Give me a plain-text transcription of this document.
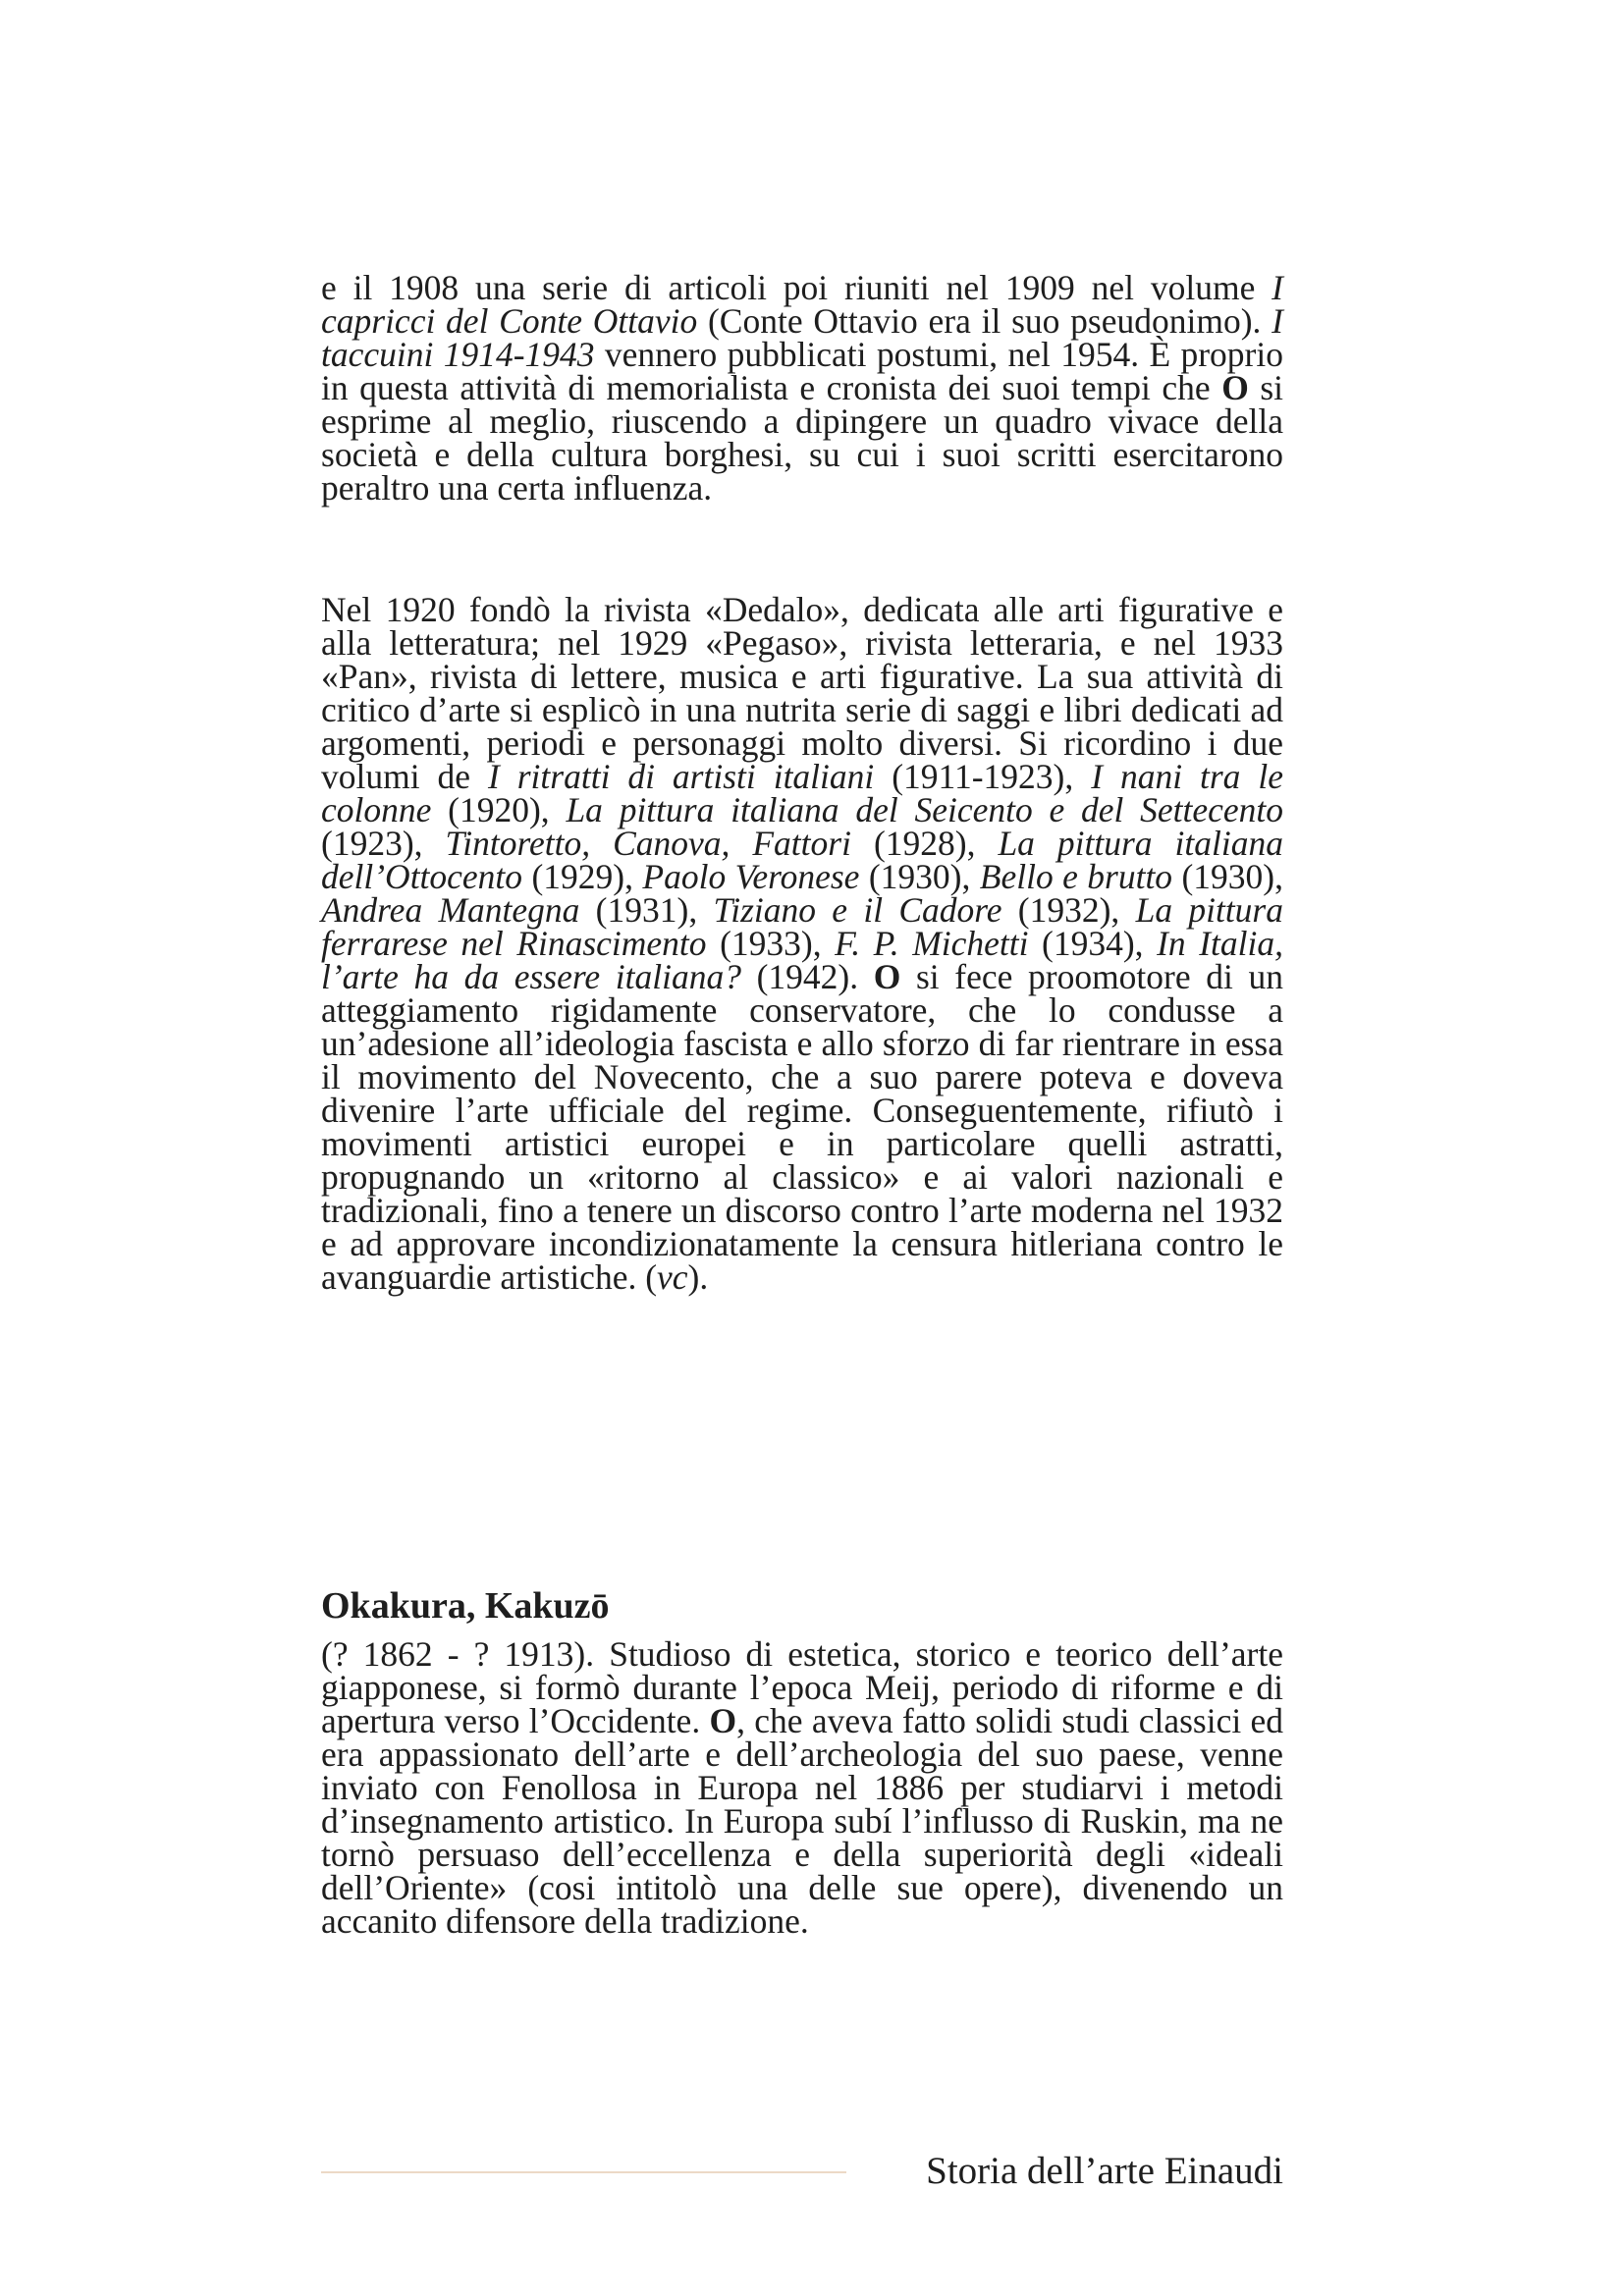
e il 1908 una serie di articoli poi riuniti nel 1909 nel volume I capricci del Conte Ottavio (Conte Ottavio era il suo pseudonimo). I taccuini 1914-1943 vennero pubblicati postumi, nel 1954. È proprio in questa attività di memorialista e cronista dei suoi tempi che O si esprime al meglio, riuscendo a dipingere un quadro vivace della società e della cultura borghesi, su cui i suoi scritti esercitarono peraltro una certa influenza.

Nel 1920 fondò la rivista «Dedalo», dedicata alle arti figurative e alla letteratura; nel 1929 «Pegaso», rivista letteraria, e nel 1933 «Pan», rivista di lettere, musica e arti figurative. La sua attività di critico d’arte si esplicò in una nutrita serie di saggi e libri dedicati ad argomenti, periodi e personaggi molto diversi. Si ricordino i due volumi de I ritratti di artisti italiani (1911-1923), I nani tra le colonne (1920), La pittura italiana del Seicento e del Settecento (1923), Tintoretto, Canova, Fattori (1928), La pittura italiana dell’Ottocento (1929), Paolo Veronese (1930), Bello e brutto (1930), Andrea Mantegna (1931), Tiziano e il Cadore (1932), La pittura ferrarese nel Rinascimento (1933), F. P. Michetti (1934), In Italia, l’arte ha da essere italiana? (1942). O si fece proomotore di un atteggiamento rigidamente conservatore, che lo condusse a un’adesione all’ideologia fascista e allo sforzo di far rientrare in essa il movimento del Novecento, che a suo parere poteva e doveva divenire l’arte ufficiale del regime. Conseguentemente, rifiutò i movimenti artistici europei e in particolare quelli astratti, propugnando un «ritorno al classico» e ai valori nazionali e tradizionali, fino a tenere un discorso contro l’arte moderna nel 1932 e ad approvare incondizionatamente la censura hitleriana contro le avanguardie artistiche. (vc).

Okakura, Kakuzō

(? 1862 - ? 1913). Studioso di estetica, storico e teorico dell’arte giapponese, si formò durante l’epoca Meij, periodo di riforme e di apertura verso l’Occidente. O, che aveva fatto solidi studi classici ed era appassionato dell’arte e dell’archeologia del suo paese, venne inviato con Fenollosa in Europa nel 1886 per studiarvi i metodi d’insegnamento artistico. In Europa subí l’influsso di Ruskin, ma ne tornò persuaso dell’eccellenza e della superiorità degli «ideali dell’Oriente» (cosi intitolò una delle sue opere), divenendo un accanito difensore della tradizione.

Storia dell’arte Einaudi
